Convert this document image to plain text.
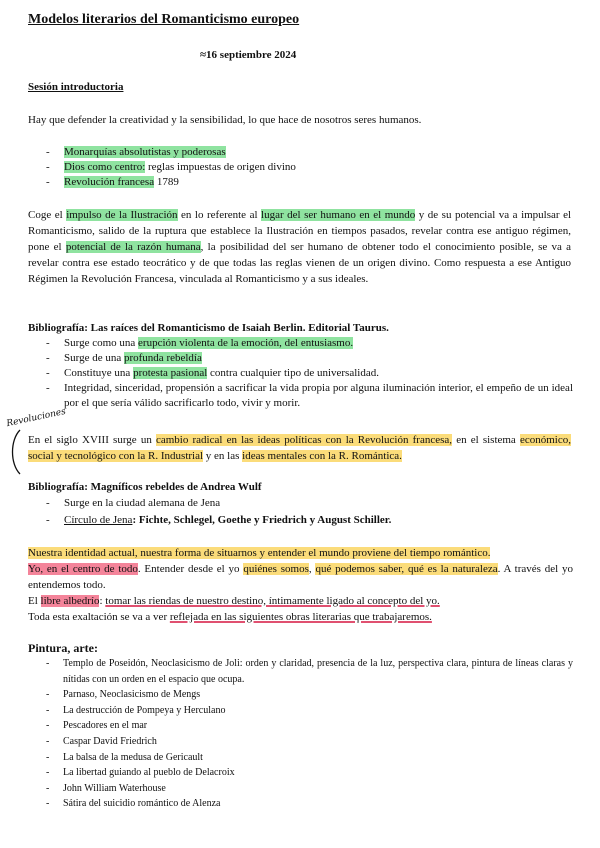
Modelos literarios del Romanticismo europeo
≈16 septiembre 2024
Sesión introductoria
Hay que defender la creatividad y la sensibilidad, lo que hace de nosotros seres humanos.
- Monarquías absolutistas y poderosas
- Dios como centro: reglas impuestas de origen divino
- Revolución francesa 1789
Coge el impulso de la Ilustración en lo referente al lugar del ser humano en el mundo y de su potencial va a impulsar el Romanticismo, salido de la ruptura que establece la Ilustración en tiempos pasados, revelar contra ese antiguo régimen, pone el potencial de la razón humana, la posibilidad del ser humano de obtener todo el conocimiento posible, se va a revelar contra ese estado teocrático y de que todas las reglas vienen de un origen divino. Como respuesta a ese Antiguo Régimen la Revolución Francesa, vinculada al Romanticismo y a sus ideales.
Bibliografía: Las raíces del Romanticismo de Isaiah Berlin. Editorial Taurus.
- Surge como una erupción violenta de la emoción, del entusiasmo.
- Surge de una profunda rebeldía
- Constituye una protesta pasional contra cualquier tipo de universalidad.
- Integridad, sinceridad, propensión a sacrificar la vida propia por alguna iluminación interior, el empeño de un ideal por el que sería válido sacrificarlo todo, vivir y morir.
Revoluciones
En el siglo XVIII surge un cambio radical en las ideas políticas con la Revolución francesa, en el sistema económico, social y tecnológico con la R. Industrial y en las ideas mentales con la R. Romántica.
Bibliografía: Magníficos rebeldes de Andrea Wulf
- Surge en la ciudad alemana de Jena
- Círculo de Jena: Fichte, Schlegel, Goethe y Friedrich y August Schiller.
Nuestra identidad actual, nuestra forma de situarnos y entender el mundo proviene del tiempo romántico.
Yo, en el centro de todo. Entender desde el yo quiénes somos, qué podemos saber, qué es la naturaleza. A través del yo entendemos todo.
El libre albedrío: tomar las riendas de nuestro destino, íntimamente ligado al concepto del yo.
Toda esta exaltación se va a ver reflejada en las siguientes obras literarias que trabajaremos.
Pintura, arte:
- Templo de Poseidón, Neoclasicismo de Joli: orden y claridad, presencia de la luz, perspectiva clara, pintura de líneas claras y nítidas con un orden en el espacio que ocupa.
- Parnaso, Neoclasicismo de Mengs
- La destrucción de Pompeya y Herculano
- Pescadores en el mar
- Caspar David Friedrich
- La balsa de la medusa de Gericault
- La libertad guiando al pueblo de Delacroix
- John William Waterhouse
- Sátira del suicidio romántico de Alenza
